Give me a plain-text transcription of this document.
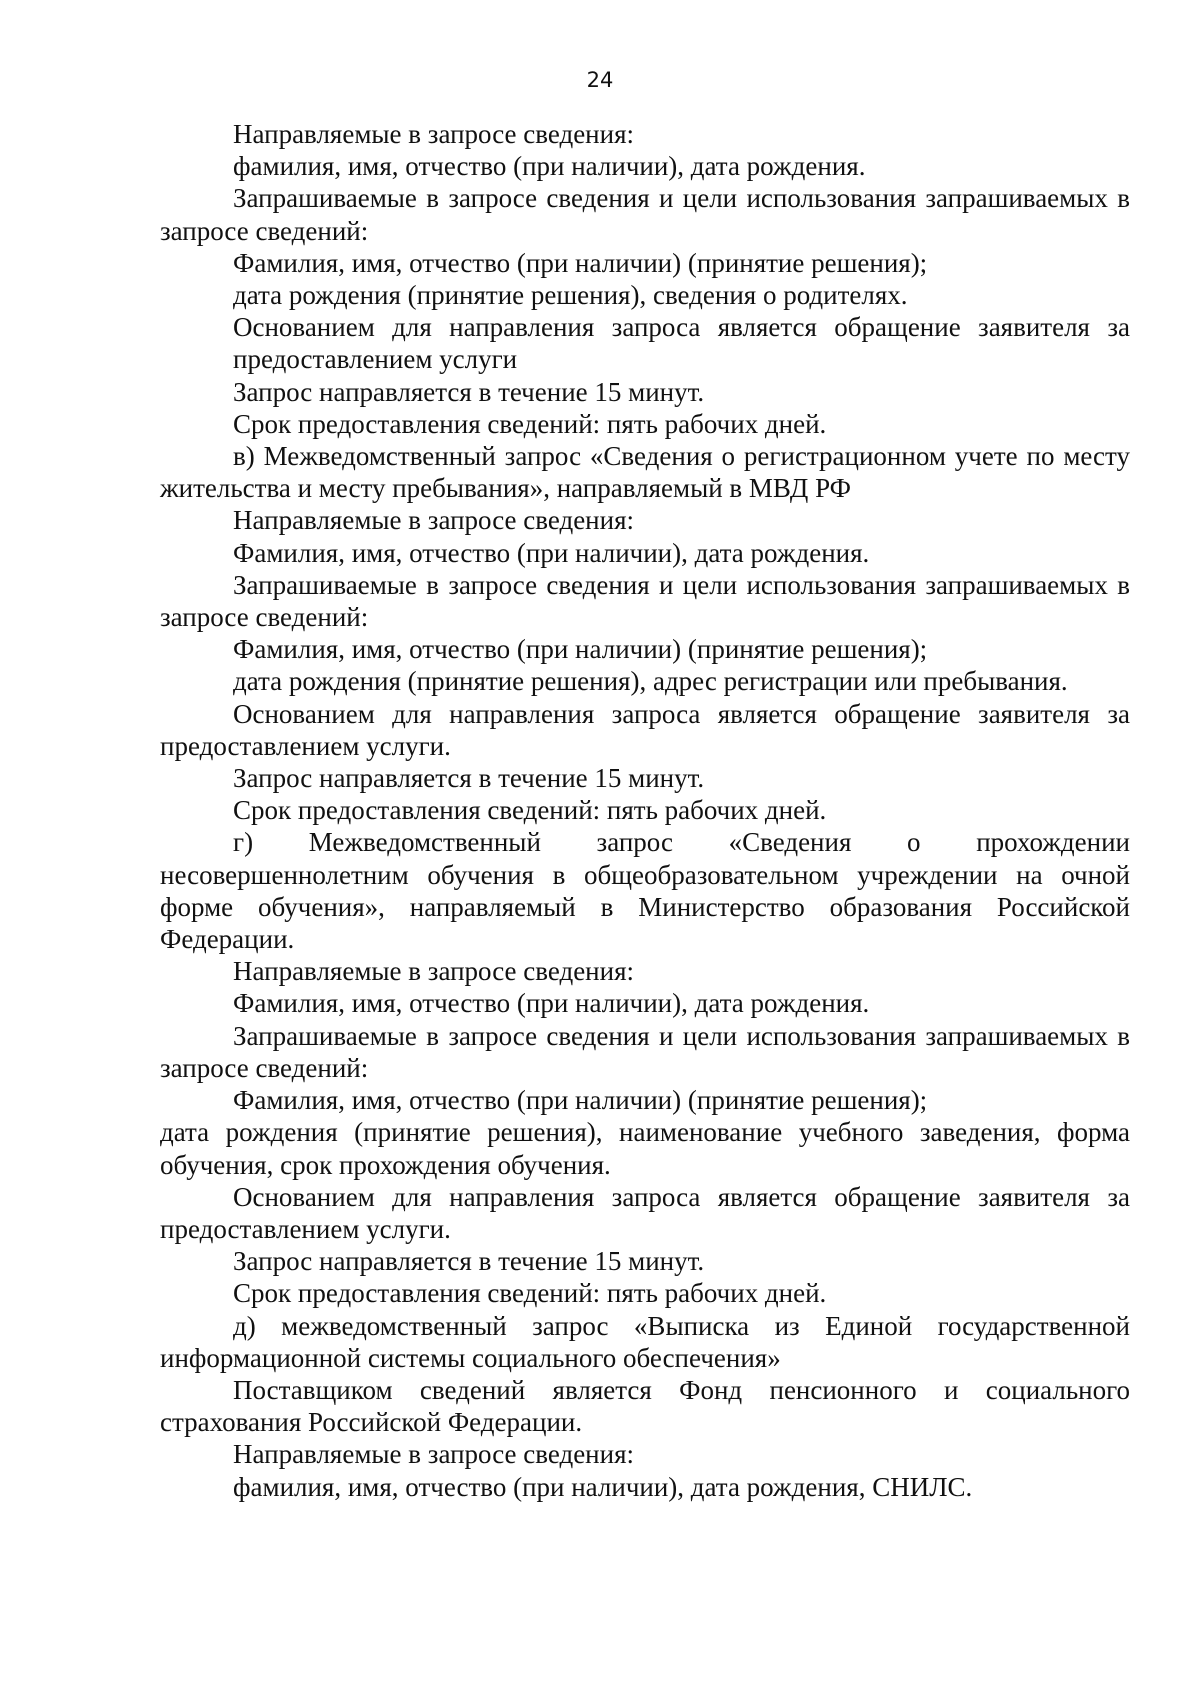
24

Направляемые в запросе сведения:

фамилия, имя, отчество (при наличии), дата рождения.

Запрашиваемые в запросе сведения и цели использования запрашиваемых в запросе сведений:

Фамилия, имя, отчество (при наличии) (принятие решения);

дата рождения (принятие решения), сведения о родителях.

Основанием для направления запроса является обращение заявителя за предоставлением услуги

Запрос направляется в течение 15 минут.

Срок предоставления сведений: пять рабочих дней.

в) Межведомственный запрос «Сведения о регистрационном учете по месту жительства и месту пребывания», направляемый в МВД РФ

Направляемые в запросе сведения:

Фамилия, имя, отчество (при наличии), дата рождения.

Запрашиваемые в запросе сведения и цели использования запрашиваемых в запросе сведений:

Фамилия, имя, отчество (при наличии) (принятие решения);

дата рождения (принятие решения), адрес регистрации или пребывания.

Основанием для направления запроса является обращение заявителя за предоставлением услуги.

Запрос направляется в течение 15 минут.

Срок предоставления сведений: пять рабочих дней.

г) Межведомственный запрос «Сведения о прохождении несовершеннолетним обучения в общеобразовательном учреждении на очной форме обучения», направляемый в Министерство образования Российской Федерации.

Направляемые в запросе сведения:

Фамилия, имя, отчество (при наличии), дата рождения.

Запрашиваемые в запросе сведения и цели использования запрашиваемых в запросе сведений:

Фамилия, имя, отчество (при наличии) (принятие решения);

дата рождения (принятие решения), наименование учебного заведения, форма обучения, срок прохождения обучения.

Основанием для направления запроса является обращение заявителя за предоставлением услуги.

Запрос направляется в течение 15 минут.

Срок предоставления сведений: пять рабочих дней.

д) межведомственный запрос «Выписка из Единой государственной информационной системы социального обеспечения»

Поставщиком сведений является Фонд пенсионного и социального страхования Российской Федерации.

Направляемые в запросе сведения:

фамилия, имя, отчество (при наличии), дата рождения, СНИЛС.
